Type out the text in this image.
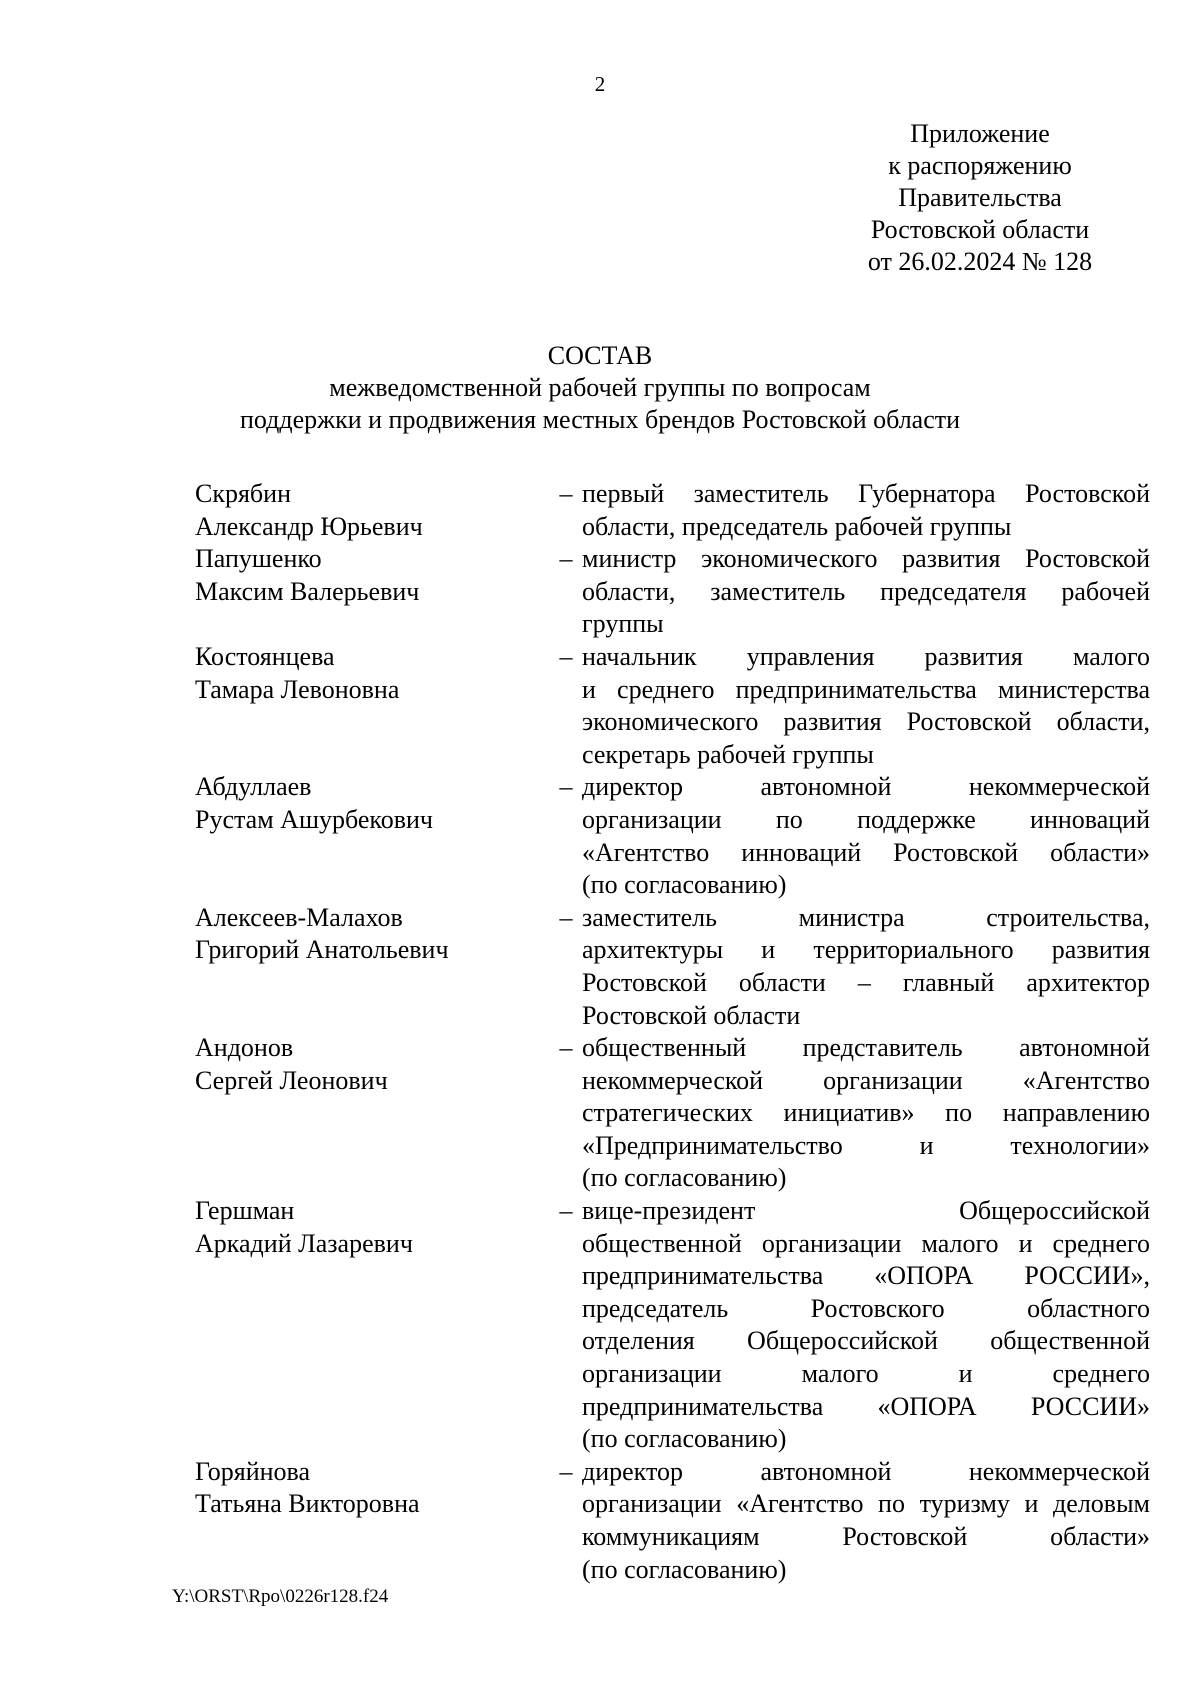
2
Приложение
к распоряжению
Правительства
Ростовской области
от 26.02.2024 № 128
СОСТАВ
межведомственной рабочей группы по вопросам
поддержки и продвижения местных брендов Ростовской области
Скрябин
Александр Юрьевич
– первый заместитель Губернатора Ростовской
области, председатель рабочей группы
Папушенко
Максим Валерьевич
– министр экономического развития Ростовской
области, заместитель председателя рабочей
группы
Костоянцева
Тамара Левоновна
– начальник управления развития малого
и среднего предпринимательства министерства
экономического развития Ростовской области,
секретарь рабочей группы
Абдуллаев
Рустам Ашурбекович
– директор автономной некоммерческой
организации по поддержке инноваций
«Агентство инноваций Ростовской области»
(по согласованию)
Алексеев-Малахов
Григорий Анатольевич
– заместитель министра строительства,
архитектуры и территориального развития
Ростовской области – главный архитектор
Ростовской области
Андонов
Сергей Леонович
– общественный представитель автономной
некоммерческой организации «Агентство
стратегических инициатив» по направлению
«Предпринимательство и технологии»
(по согласованию)
Гершман
Аркадий Лазаревич
– вице-президент Общероссийской
общественной организации малого и среднего
предпринимательства «ОПОРА РОССИИ»,
председатель Ростовского областного
отделения Общероссийской общественной
организации малого и среднего
предпринимательства «ОПОРА РОССИИ»
(по согласованию)
Горяйнова
Татьяна Викторовна
– директор автономной некоммерческой
организации «Агентство по туризму и деловым
коммуникациям Ростовской области»
(по согласованию)
Y:\ORST\Rpo\0226r128.f24
